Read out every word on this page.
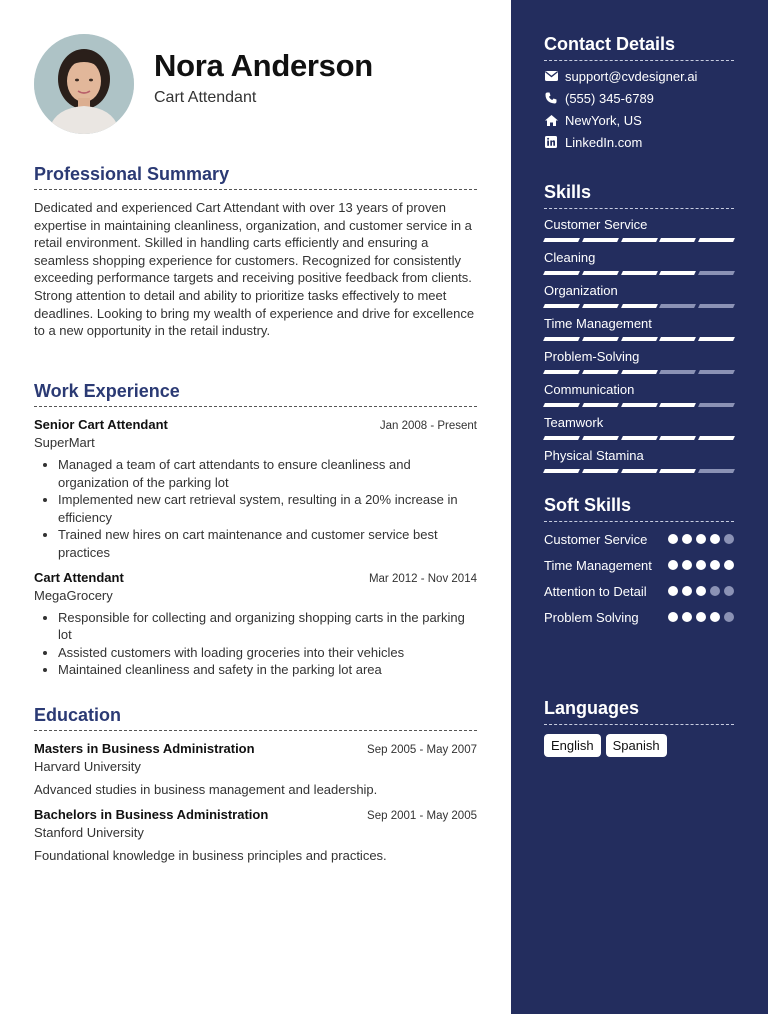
Nora Anderson
Cart Attendant
Professional Summary

Dedicated and experienced Cart Attendant with over 13 years of proven expertise in maintaining cleanliness, organization, and customer service in a retail environment. Skilled in handling carts efficiently and ensuring a seamless shopping experience for customers. Recognized for consistently exceeding performance targets and receiving positive feedback from clients. Strong attention to detail and ability to prioritize tasks effectively to meet deadlines. Looking to bring my wealth of experience and drive for excellence to a new opportunity in the retail industry.

Work Experience
Senior Cart Attendant	Jan 2008 - Present
SuperMart
• Managed a team of cart attendants to ensure cleanliness and organization of the parking lot
• Implemented new cart retrieval system, resulting in a 20% increase in efficiency
• Trained new hires on cart maintenance and customer service best practices
Cart Attendant	Mar 2012 - Nov 2014
MegaGrocery
• Responsible for collecting and organizing shopping carts in the parking lot
• Assisted customers with loading groceries into their vehicles
• Maintained cleanliness and safety in the parking lot area
Education
Masters in Business Administration	Sep 2005 - May 2007
Harvard University
Advanced studies in business management and leadership.
Bachelors in Business Administration	Sep 2001 - May 2005
Stanford University
Foundational knowledge in business principles and practices.
Contact Details
support@cvdesigner.ai
(555) 345-6789
NewYork, US
LinkedIn.com
Skills
Customer Service
Cleaning
Organization
Time Management
Problem-Solving
Communication
Teamwork
Physical Stamina
Soft Skills
Customer Service
Time Management
Attention to Detail
Problem Solving
Languages
English	Spanish
